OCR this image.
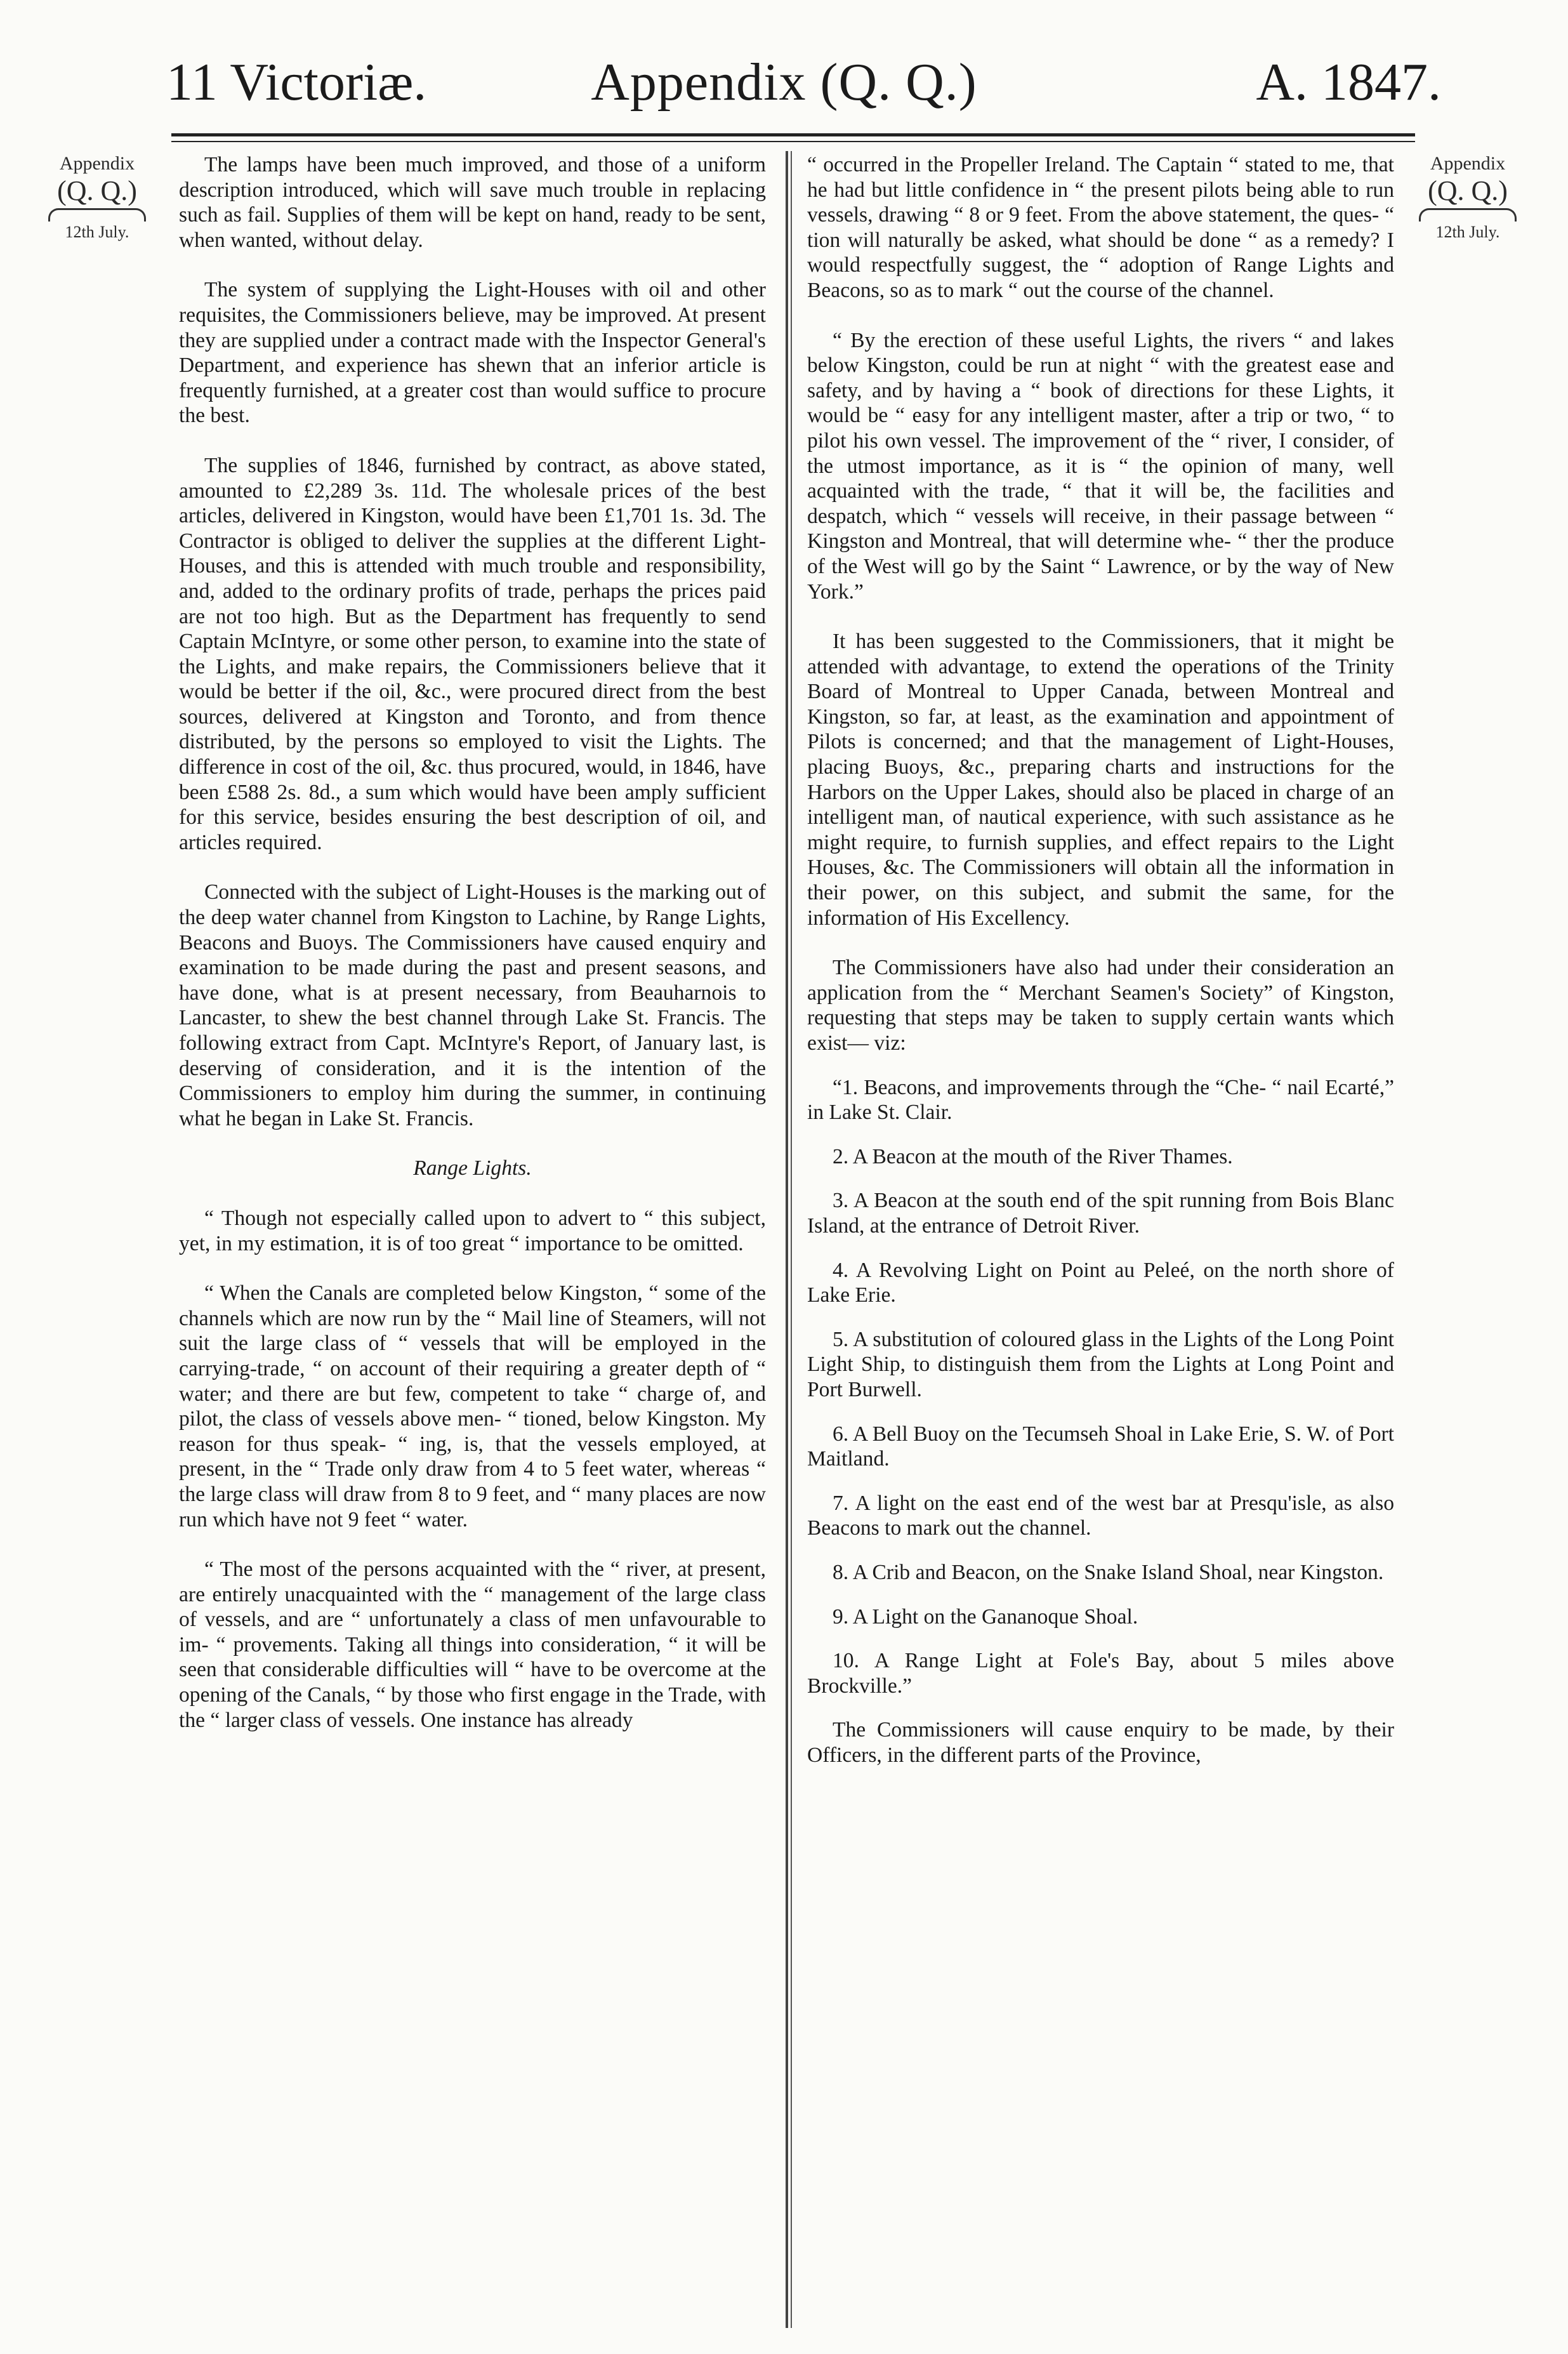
11 Victoriæ.	Appendix (Q. Q.)	A. 1847.
Appendix
(Q. Q.)
12th July.
Appendix
(Q. Q.)
12th July.

The lamps have been much improved, and those of a uniform description introduced, which will save much trouble in replacing such as fail. Supplies of them will be kept on hand, ready to be sent, when wanted, without delay.

The system of supplying the Light-Houses with oil and other requisites, the Commissioners believe, may be improved. At present they are supplied under a contract made with the Inspector General's Department, and experience has shewn that an inferior article is frequently furnished, at a greater cost than would suffice to procure the best.

The supplies of 1846, furnished by contract, as above stated, amounted to £2,289 3s. 11d. The wholesale prices of the best articles, delivered in Kingston, would have been £1,701 1s. 3d. The Contractor is obliged to deliver the supplies at the different Light-Houses, and this is attended with much trouble and responsibility, and, added to the ordinary profits of trade, perhaps the prices paid are not too high. But as the Department has frequently to send Captain McIntyre, or some other person, to examine into the state of the Lights, and make repairs, the Commissioners believe that it would be better if the oil, &c., were procured direct from the best sources, delivered at Kingston and Toronto, and from thence distributed, by the persons so employed to visit the Lights. The difference in cost of the oil, &c. thus procured, would, in 1846, have been £588 2s. 8d., a sum which would have been amply sufficient for this service, besides ensuring the best description of oil, and articles required.

Connected with the subject of Light-Houses is the marking out of the deep water channel from Kingston to Lachine, by Range Lights, Beacons and Buoys. The Commissioners have caused enquiry and examination to be made during the past and present seasons, and have done, what is at present necessary, from Beauharnois to Lancaster, to shew the best channel through Lake St. Francis. The following extract from Capt. McIntyre's Report, of January last, is deserving of consideration, and it is the intention of the Commissioners to employ him during the summer, in continuing what he began in Lake St. Francis.

Range Lights.

“ Though not especially called upon to advert to “ this subject, yet, in my estimation, it is of too great “ importance to be omitted.

“ When the Canals are completed below Kingston, “ some of the channels which are now run by the “ Mail line of Steamers, will not suit the large class of “ vessels that will be employed in the carrying-trade, “ on account of their requiring a greater depth of “ water; and there are but few, competent to take “ charge of, and pilot, the class of vessels above men- “ tioned, below Kingston. My reason for thus speak- “ ing, is, that the vessels employed, at present, in the “ Trade only draw from 4 to 5 feet water, whereas “ the large class will draw from 8 to 9 feet, and “ many places are now run which have not 9 feet “ water.

“ The most of the persons acquainted with the “ river, at present, are entirely unacquainted with the “ management of the large class of vessels, and are “ unfortunately a class of men unfavourable to im- “ provements. Taking all things into consideration, “ it will be seen that considerable difficulties will “ have to be overcome at the opening of the Canals, “ by those who first engage in the Trade, with the “ larger class of vessels. One instance has already

“ occurred in the Propeller Ireland. The Captain “ stated to me, that he had but little confidence in “ the present pilots being able to run vessels, drawing “ 8 or 9 feet. From the above statement, the ques- “ tion will naturally be asked, what should be done “ as a remedy? I would respectfully suggest, the “ adoption of Range Lights and Beacons, so as to mark “ out the course of the channel.

“ By the erection of these useful Lights, the rivers “ and lakes below Kingston, could be run at night “ with the greatest ease and safety, and by having a “ book of directions for these Lights, it would be “ easy for any intelligent master, after a trip or two, “ to pilot his own vessel. The improvement of the “ river, I consider, of the utmost importance, as it is “ the opinion of many, well acquainted with the trade, “ that it will be, the facilities and despatch, which “ vessels will receive, in their passage between “ Kingston and Montreal, that will determine whe- “ ther the produce of the West will go by the Saint “ Lawrence, or by the way of New York.”

It has been suggested to the Commissioners, that it might be attended with advantage, to extend the operations of the Trinity Board of Montreal to Upper Canada, between Montreal and Kingston, so far, at least, as the examination and appointment of Pilots is concerned; and that the management of Light-Houses, placing Buoys, &c., preparing charts and instructions for the Harbors on the Upper Lakes, should also be placed in charge of an intelligent man, of nautical experience, with such assistance as he might require, to furnish supplies, and effect repairs to the Light Houses, &c. The Commissioners will obtain all the information in their power, on this subject, and submit the same, for the information of His Excellency.

The Commissioners have also had under their consideration an application from the “ Merchant Seamen's Society” of Kingston, requesting that steps may be taken to supply certain wants which exist— viz:

“1. Beacons, and improvements through the “Che- “ nail Ecarté,” in Lake St. Clair.

2. A Beacon at the mouth of the River Thames.

3. A Beacon at the south end of the spit running from Bois Blanc Island, at the entrance of Detroit River.

4. A Revolving Light on Point au Peleé, on the north shore of Lake Erie.

5. A substitution of coloured glass in the Lights of the Long Point Light Ship, to distinguish them from the Lights at Long Point and Port Burwell.

6. A Bell Buoy on the Tecumseh Shoal in Lake Erie, S. W. of Port Maitland.

7. A light on the east end of the west bar at Presqu'isle, as also Beacons to mark out the channel.

8. A Crib and Beacon, on the Snake Island Shoal, near Kingston.

9. A Light on the Gananoque Shoal.

10. A Range Light at Fole's Bay, about 5 miles above Brockville.”

The Commissioners will cause enquiry to be made, by their Officers, in the different parts of the Province,
